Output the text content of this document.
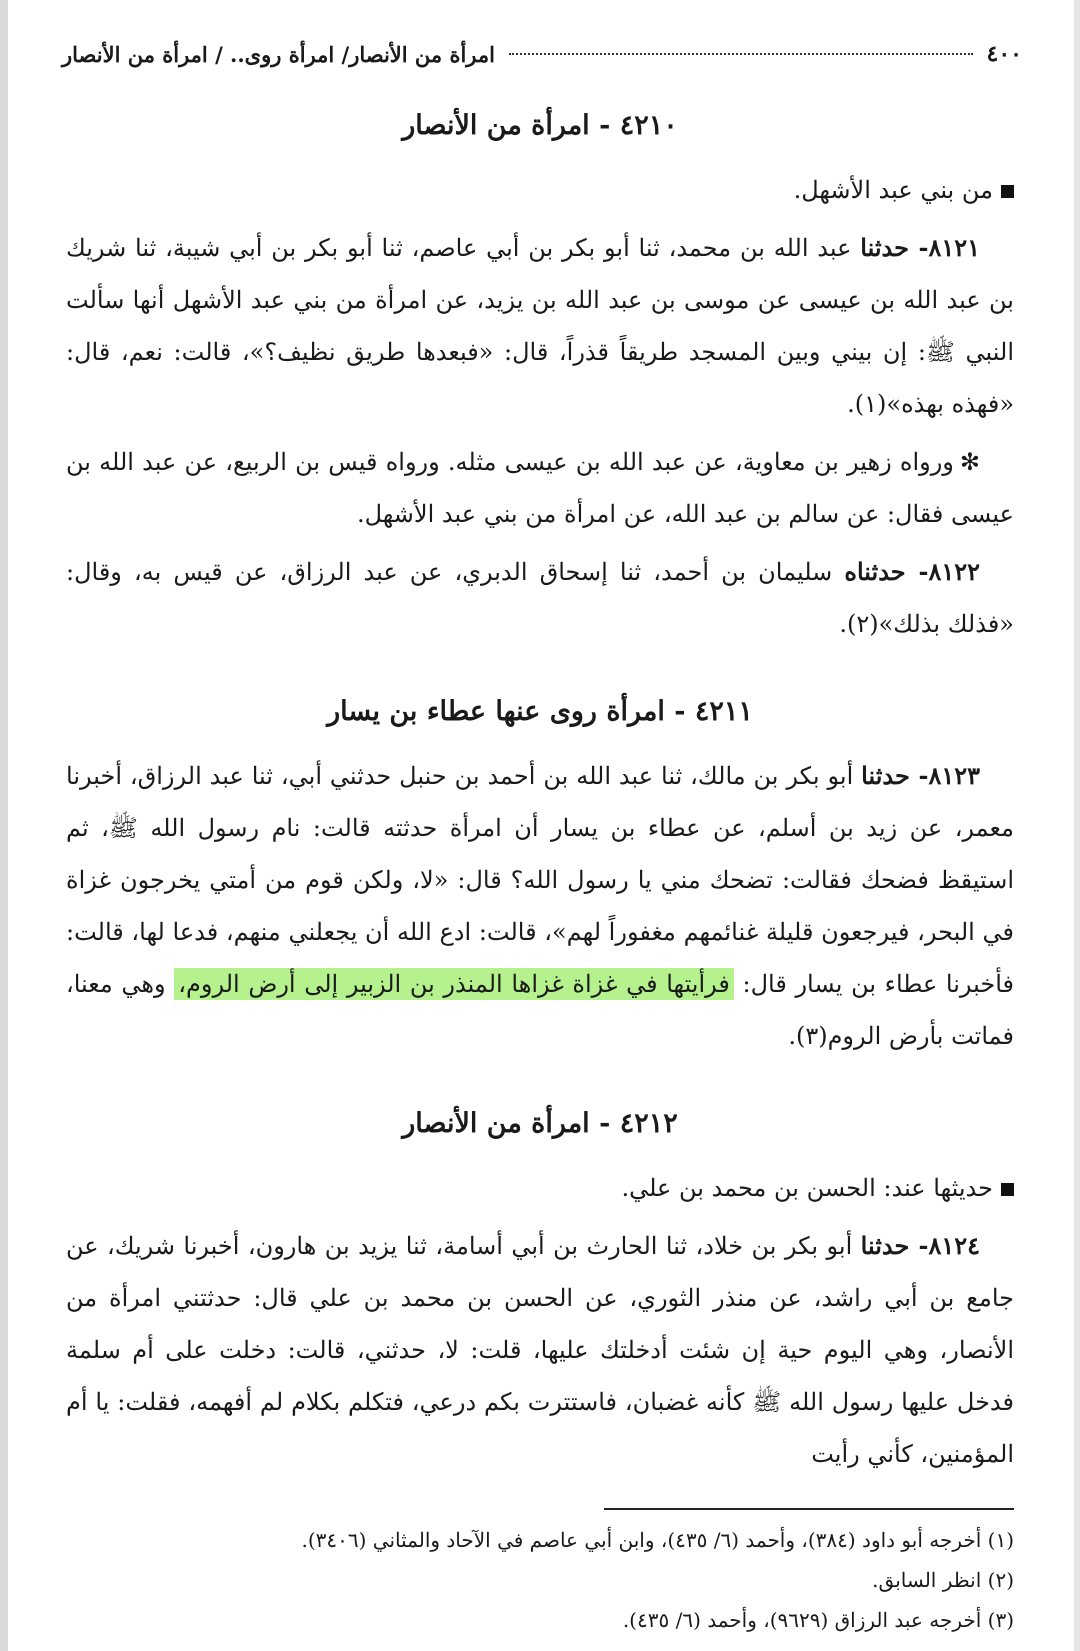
٤٠٠
امرأة من الأنصار/ امرأة روى.. / امرأة من الأنصار
٤٢١٠ - امرأة من الأنصار

من بني عبد الأشهل.

٨١٢١- حدثنا عبد الله بن محمد، ثنا أبو بكر بن أبي عاصم، ثنا أبو بكر بن أبي شيبة، ثنا شريك بن عبد الله بن عيسى عن موسى بن عبد الله بن يزيد، عن امرأة من بني عبد الأشهل أنها سألت النبي ﷺ: إن بيني وبين المسجد طريقاً قذراً، قال: «فبعدها طريق نظيف؟»، قالت: نعم، قال: «فهذه بهذه»(١).

✻ورواه زهير بن معاوية، عن عبد الله بن عيسى مثله. ورواه قيس بن الربيع، عن عبد الله بن عيسى فقال: عن سالم بن عبد الله، عن امرأة من بني عبد الأشهل.

٨١٢٢- حدثناه سليمان بن أحمد، ثنا إسحاق الدبري، عن عبد الرزاق، عن قيس به، وقال: «فذلك بذلك»(٢).

٤٢١١ - امرأة روى عنها عطاء بن يسار

٨١٢٣- حدثنا أبو بكر بن مالك، ثنا عبد الله بن أحمد بن حنبل حدثني أبي، ثنا عبد الرزاق، أخبرنا معمر، عن زيد بن أسلم، عن عطاء بن يسار أن امرأة حدثته قالت: نام رسول الله ﷺ، ثم استيقظ فضحك فقالت: تضحك مني يا رسول الله؟ قال: «لا، ولكن قوم من أمتي يخرجون غزاة في البحر، فيرجعون قليلة غنائمهم مغفوراً لهم»، قالت: ادع الله أن يجعلني منهم، فدعا لها، قالت: فأخبرنا عطاء بن يسار قال: فرأيتها في غزاة غزاها المنذر بن الزبير إلى أرض الروم، وهي معنا، فماتت بأرض الروم(٣).

٤٢١٢ - امرأة من الأنصار

حديثها عند: الحسن بن محمد بن علي.

٨١٢٤- حدثنا أبو بكر بن خلاد، ثنا الحارث بن أبي أسامة، ثنا يزيد بن هارون، أخبرنا شريك، عن جامع بن أبي راشد، عن منذر الثوري، عن الحسن بن محمد بن علي قال: حدثتني امرأة من الأنصار، وهي اليوم حية إن شئت أدخلتك عليها، قلت: لا، حدثني، قالت: دخلت على أم سلمة فدخل عليها رسول الله ﷺ كأنه غضبان، فاستترت بكم درعي، فتكلم بكلام لم أفهمه، فقلت: يا أم المؤمنين، كأني رأيت

(١) أخرجه أبو داود (٣٨٤)، وأحمد (٦/ ٤٣٥)، وابن أبي عاصم في الآحاد والمثاني (٣٤٠٦).

(٢) انظر السابق.

(٣) أخرجه عبد الرزاق (٩٦٢٩)، وأحمد (٦/ ٤٣٥).
